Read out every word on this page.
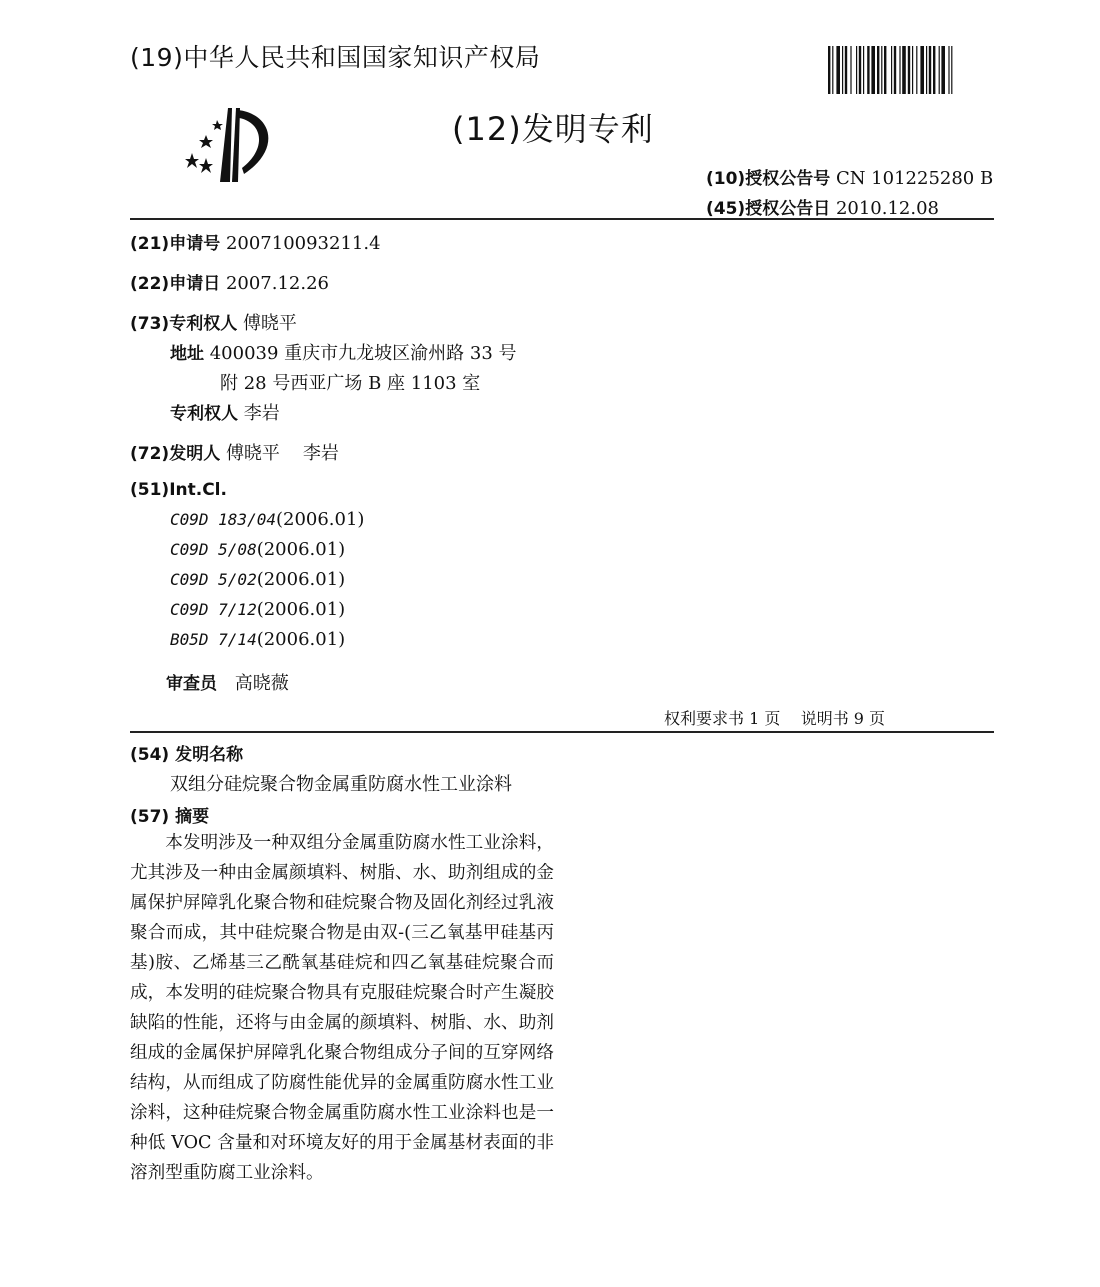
(19)中华人民共和国国家知识产权局
(12)发明专利
(10)授权公告号 CN 101225280 B
(45)授权公告日 2010.12.08
(21)申请号 200710093211.4
(22)申请日 2007.12.26
(73)专利权人 傅晓平
地址 400039 重庆市九龙坡区渝州路 33 号
附 28 号西亚广场 B 座 1103 室
专利权人 李岩
(72)发明人 傅晓平    李岩
(51)Int.Cl.
C09D 183/04(2006.01)
C09D 5/08(2006.01)
C09D 5/02(2006.01)
C09D 7/12(2006.01)
B05D 7/14(2006.01)
审查员 高晓薇
权利要求书 1 页    说明书 9 页
(54) 发明名称
双组分硅烷聚合物金属重防腐水性工业涂料
(57) 摘要
本发明涉及一种双组分金属重防腐水性工业涂料，尤其涉及一种由金属颜填料、树脂、水、助剂组成的金属保护屏障乳化聚合物和硅烷聚合物及固化剂经过乳液聚合而成，其中硅烷聚合物是由双-(三乙氧基甲硅基丙基)胺、乙烯基三乙酰氧基硅烷和四乙氧基硅烷聚合而成，本发明的硅烷聚合物具有克服硅烷聚合时产生凝胶缺陷的性能，还将与由金属的颜填料、树脂、水、助剂组成的金属保护屏障乳化聚合物组成分子间的互穿网络结构，从而组成了防腐性能优异的金属重防腐水性工业涂料，这种硅烷聚合物金属重防腐水性工业涂料也是一种低 VOC 含量和对环境友好的用于金属基材表面的非溶剂型重防腐工业涂料。
